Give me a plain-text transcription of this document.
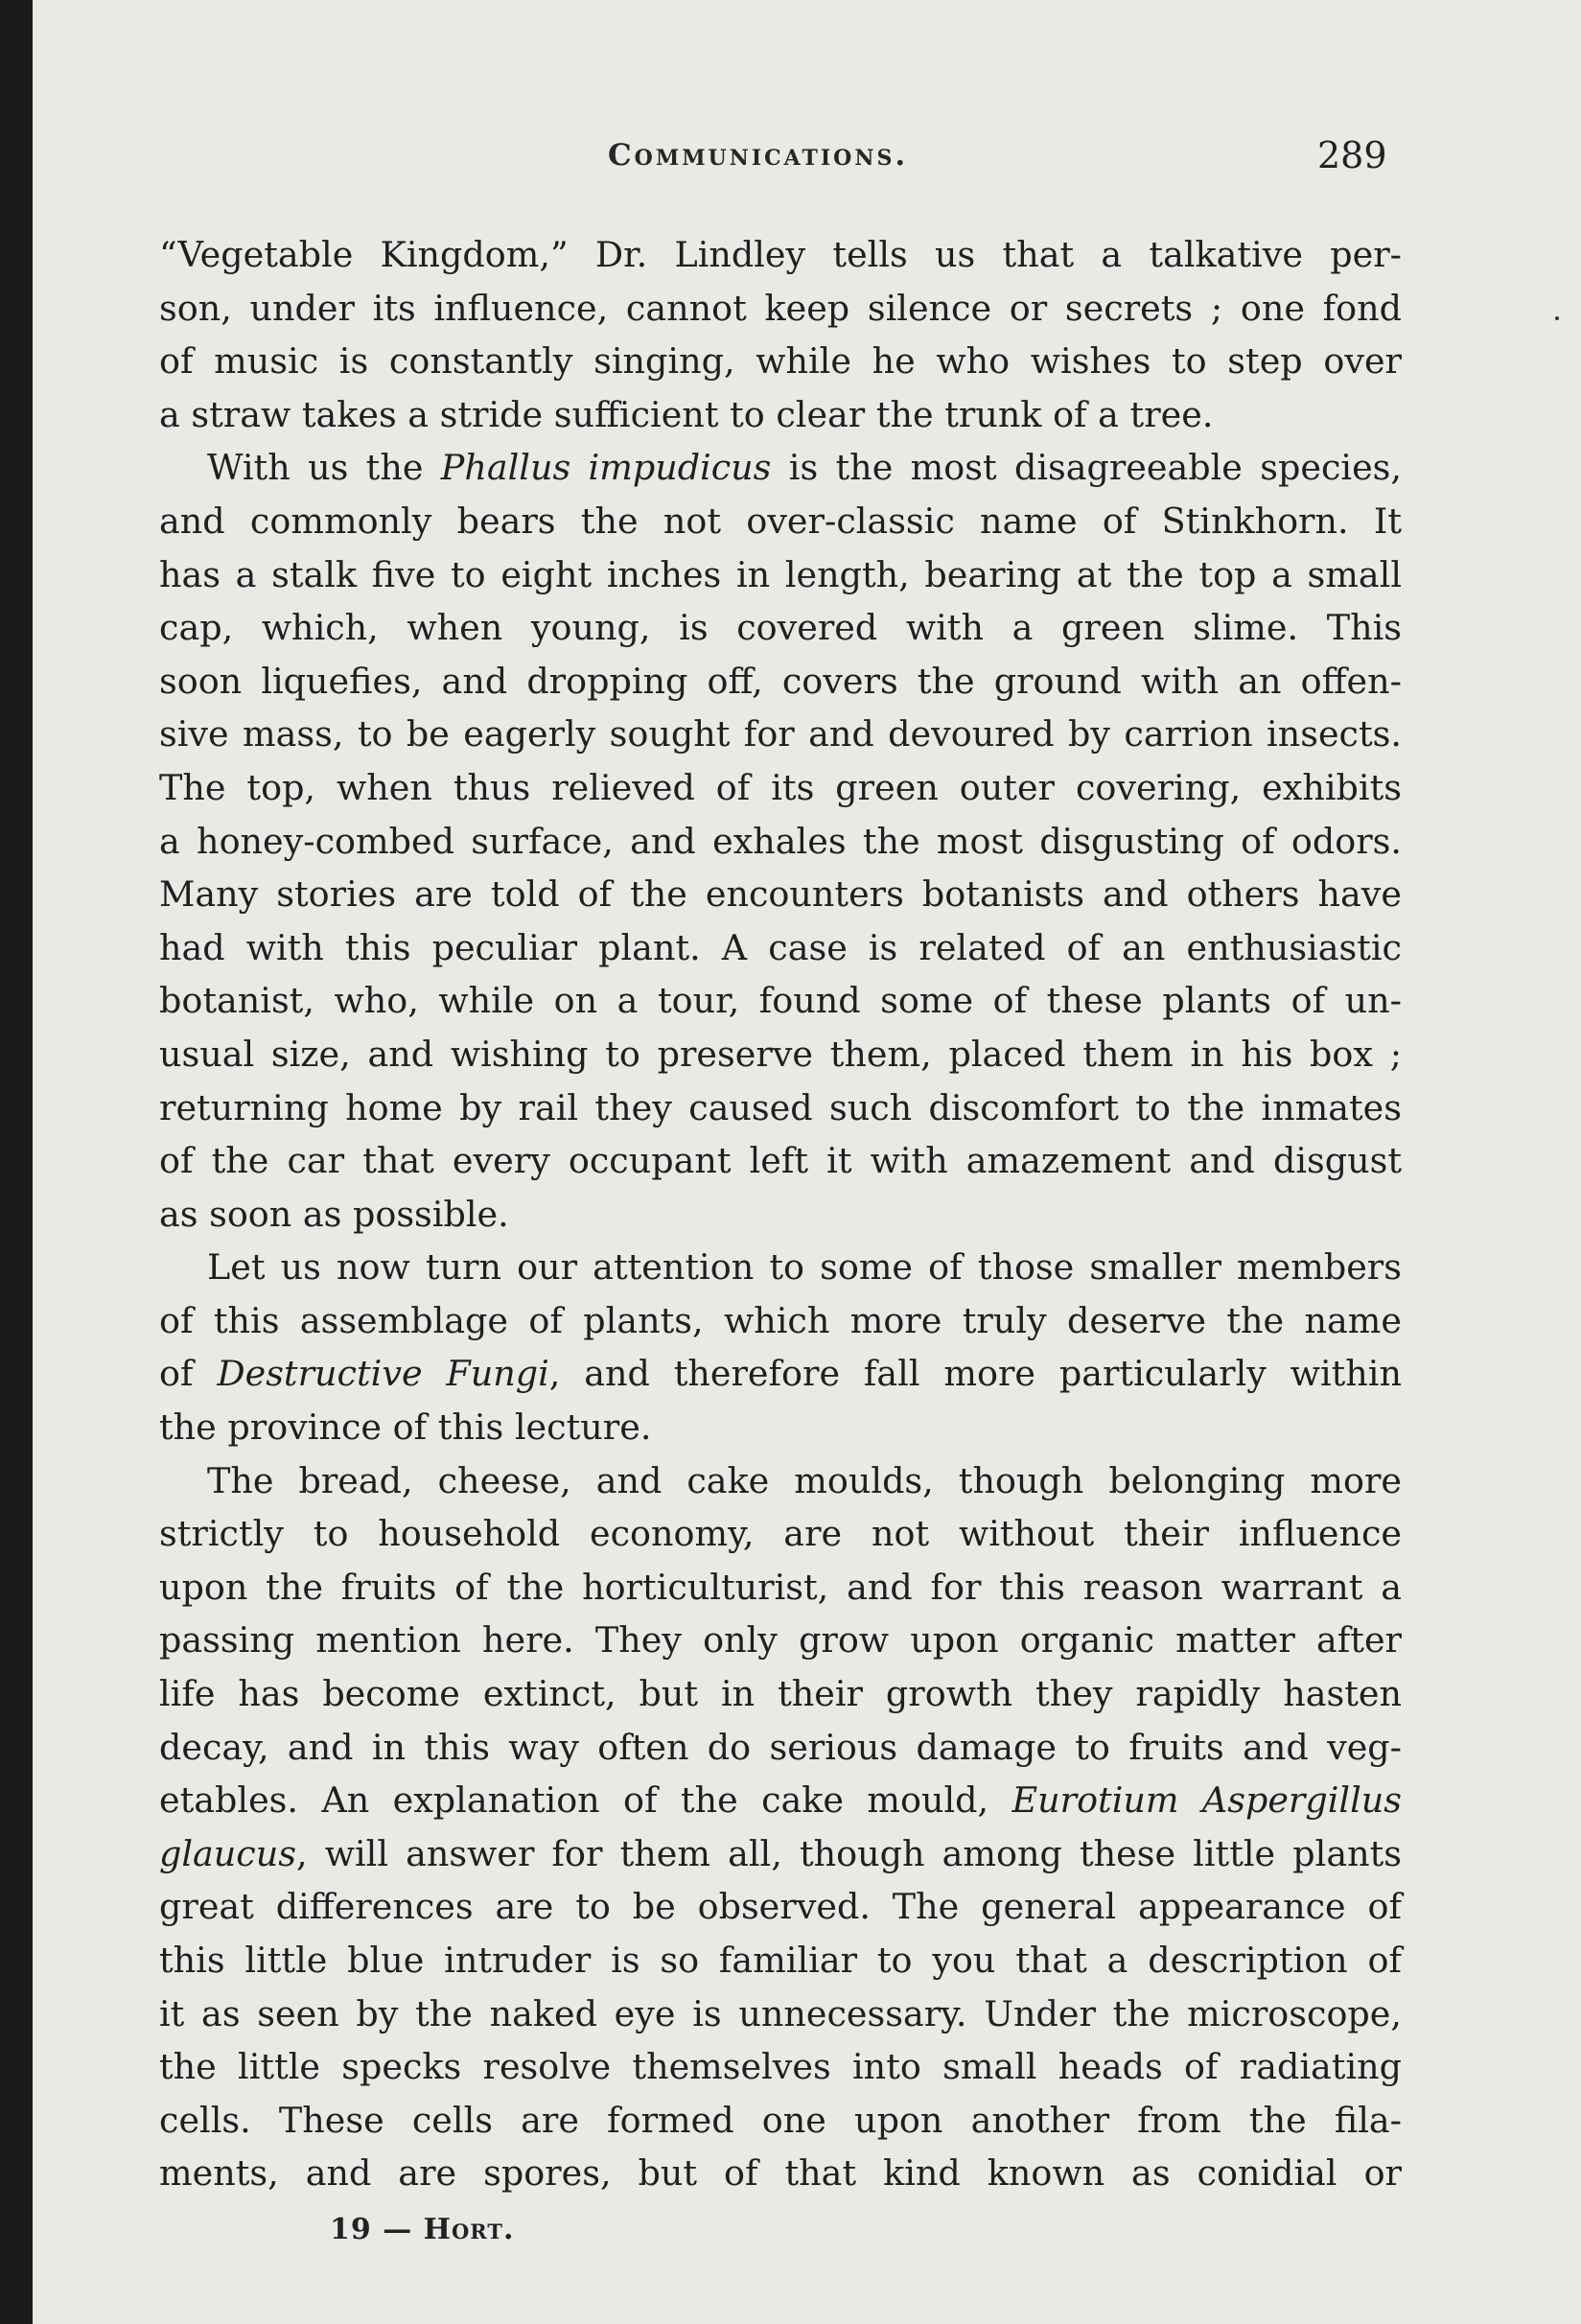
Communications.	289
“Vegetable Kingdom,” Dr. Lindley tells us that a talkative per-
son, under its influence, cannot keep silence or secrets ; one fond
of music is constantly singing, while he who wishes to step over
a straw takes a stride sufficient to clear the trunk of a tree.
With us the Phallus impudicus is the most disagreeable species,
and commonly bears the not over-classic name of Stinkhorn. It
has a stalk five to eight inches in length, bearing at the top a small
cap, which, when young, is covered with a green slime. This
soon liquefies, and dropping off, covers the ground with an offen-
sive mass, to be eagerly sought for and devoured by carrion insects.
The top, when thus relieved of its green outer covering, exhibits
a honey-combed surface, and exhales the most disgusting of odors.
Many stories are told of the encounters botanists and others have
had with this peculiar plant. A case is related of an enthusiastic
botanist, who, while on a tour, found some of these plants of un-
usual size, and wishing to preserve them, placed them in his box ;
returning home by rail they caused such discomfort to the inmates
of the car that every occupant left it with amazement and disgust
as soon as possible.
Let us now turn our attention to some of those smaller members
of this assemblage of plants, which more truly deserve the name
of Destructive Fungi, and therefore fall more particularly within
the province of this lecture.
The bread, cheese, and cake moulds, though belonging more
strictly to household economy, are not without their influence
upon the fruits of the horticulturist, and for this reason warrant a
passing mention here. They only grow upon organic matter after
life has become extinct, but in their growth they rapidly hasten
decay, and in this way often do serious damage to fruits and veg-
etables. An explanation of the cake mould, Eurotium Aspergillus
glaucus, will answer for them all, though among these little plants
great differences are to be observed. The general appearance of
this little blue intruder is so familiar to you that a description of
it as seen by the naked eye is unnecessary. Under the microscope,
the little specks resolve themselves into small heads of radiating
cells. These cells are formed one upon another from the fila-
ments, and are spores, but of that kind known as conidial or
19 — Hort.
